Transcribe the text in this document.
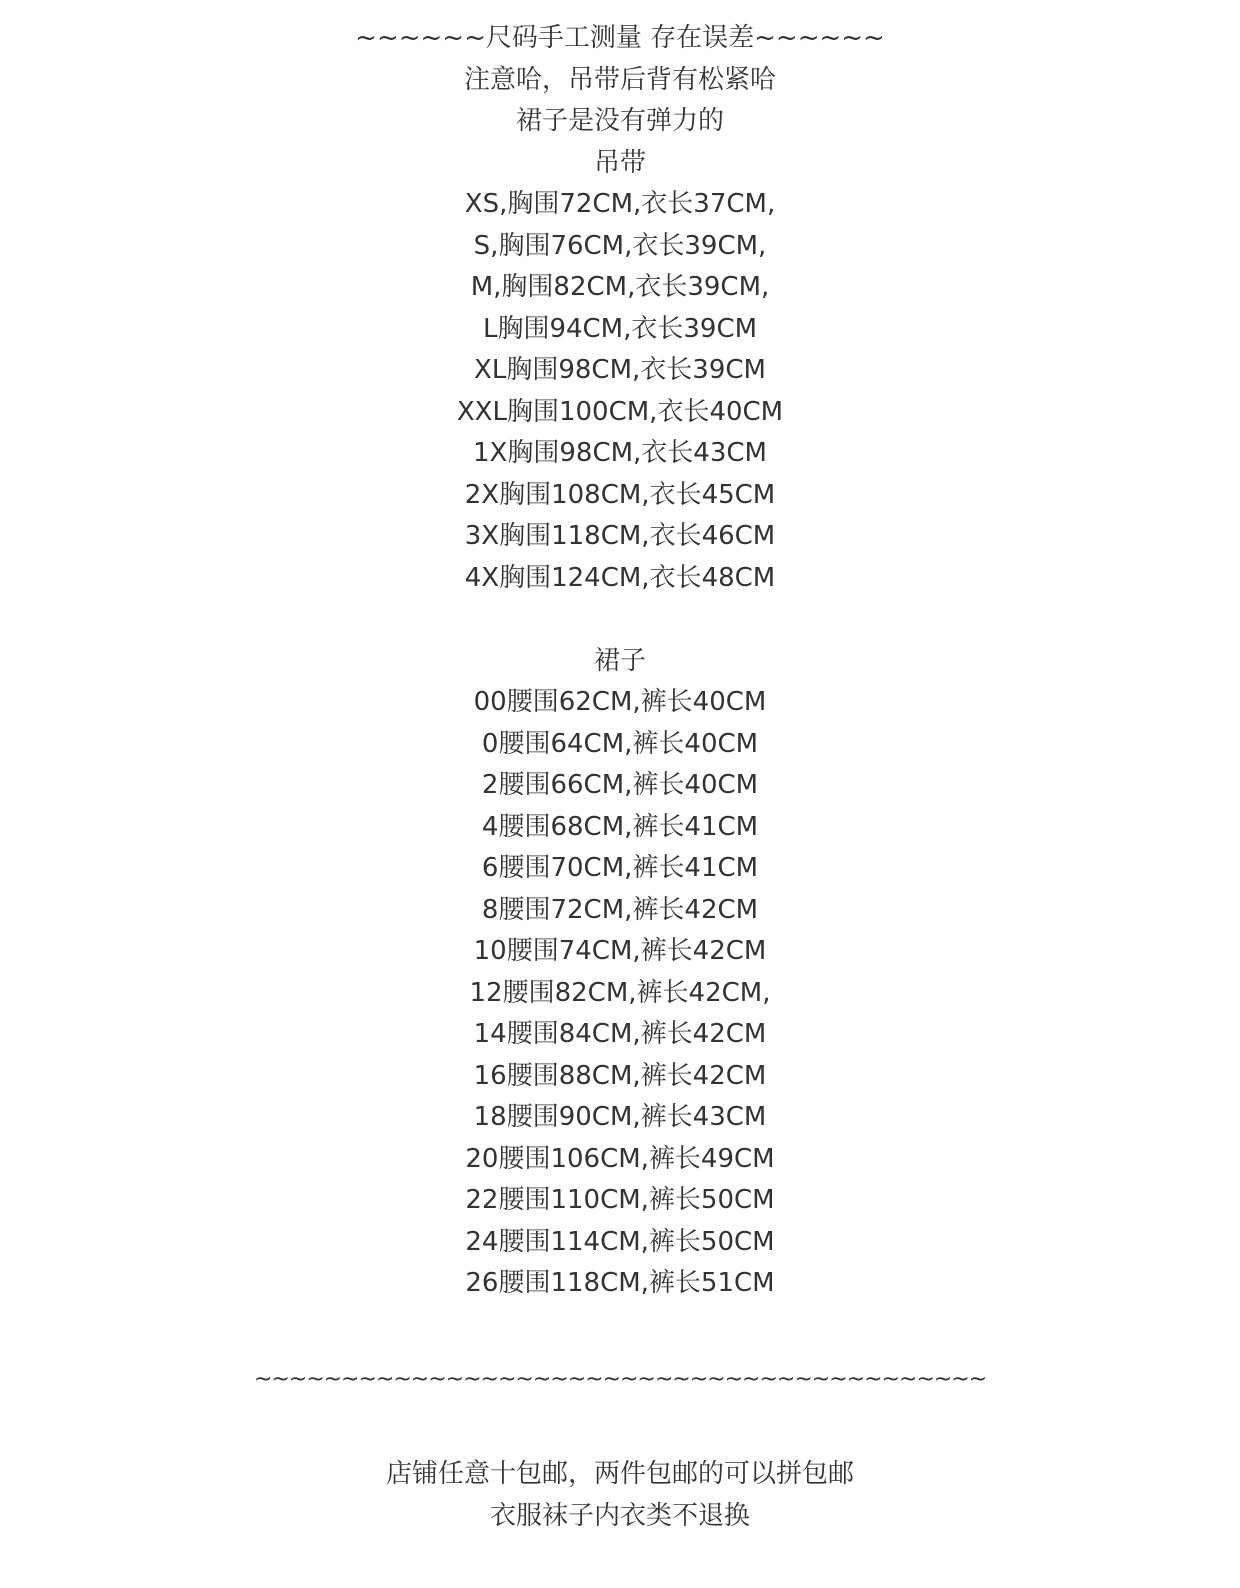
~~~~~~尺码手工测量 存在误差~~~~~~
注意哈，吊带后背有松紧哈
裙子是没有弹力的
吊带
XS,胸围72CM,衣长37CM,
S,胸围76CM,衣长39CM,
M,胸围82CM,衣长39CM,
L胸围94CM,衣长39CM
XL胸围98CM,衣长39CM
XXL胸围100CM,衣长40CM
1X胸围98CM,衣长43CM
2X胸围108CM,衣长45CM
3X胸围118CM,衣长46CM
4X胸围124CM,衣长48CM
裙子
00腰围62CM,裤长40CM
0腰围64CM,裤长40CM
2腰围66CM,裤长40CM
4腰围68CM,裤长41CM
6腰围70CM,裤长41CM
8腰围72CM,裤长42CM
10腰围74CM,裤长42CM
12腰围82CM,裤长42CM,
14腰围84CM,裤长42CM
16腰围88CM,裤长42CM
18腰围90CM,裤长43CM
20腰围106CM,裤长49CM
22腰围110CM,裤长50CM
24腰围114CM,裤长50CM
26腰围118CM,裤长51CM
~~~~~~~~~~~~~~~~~~~~~~~~~~~~~~~~~~~~~~~~~~
店铺任意十包邮，两件包邮的可以拼包邮
衣服袜子内衣类不退换
